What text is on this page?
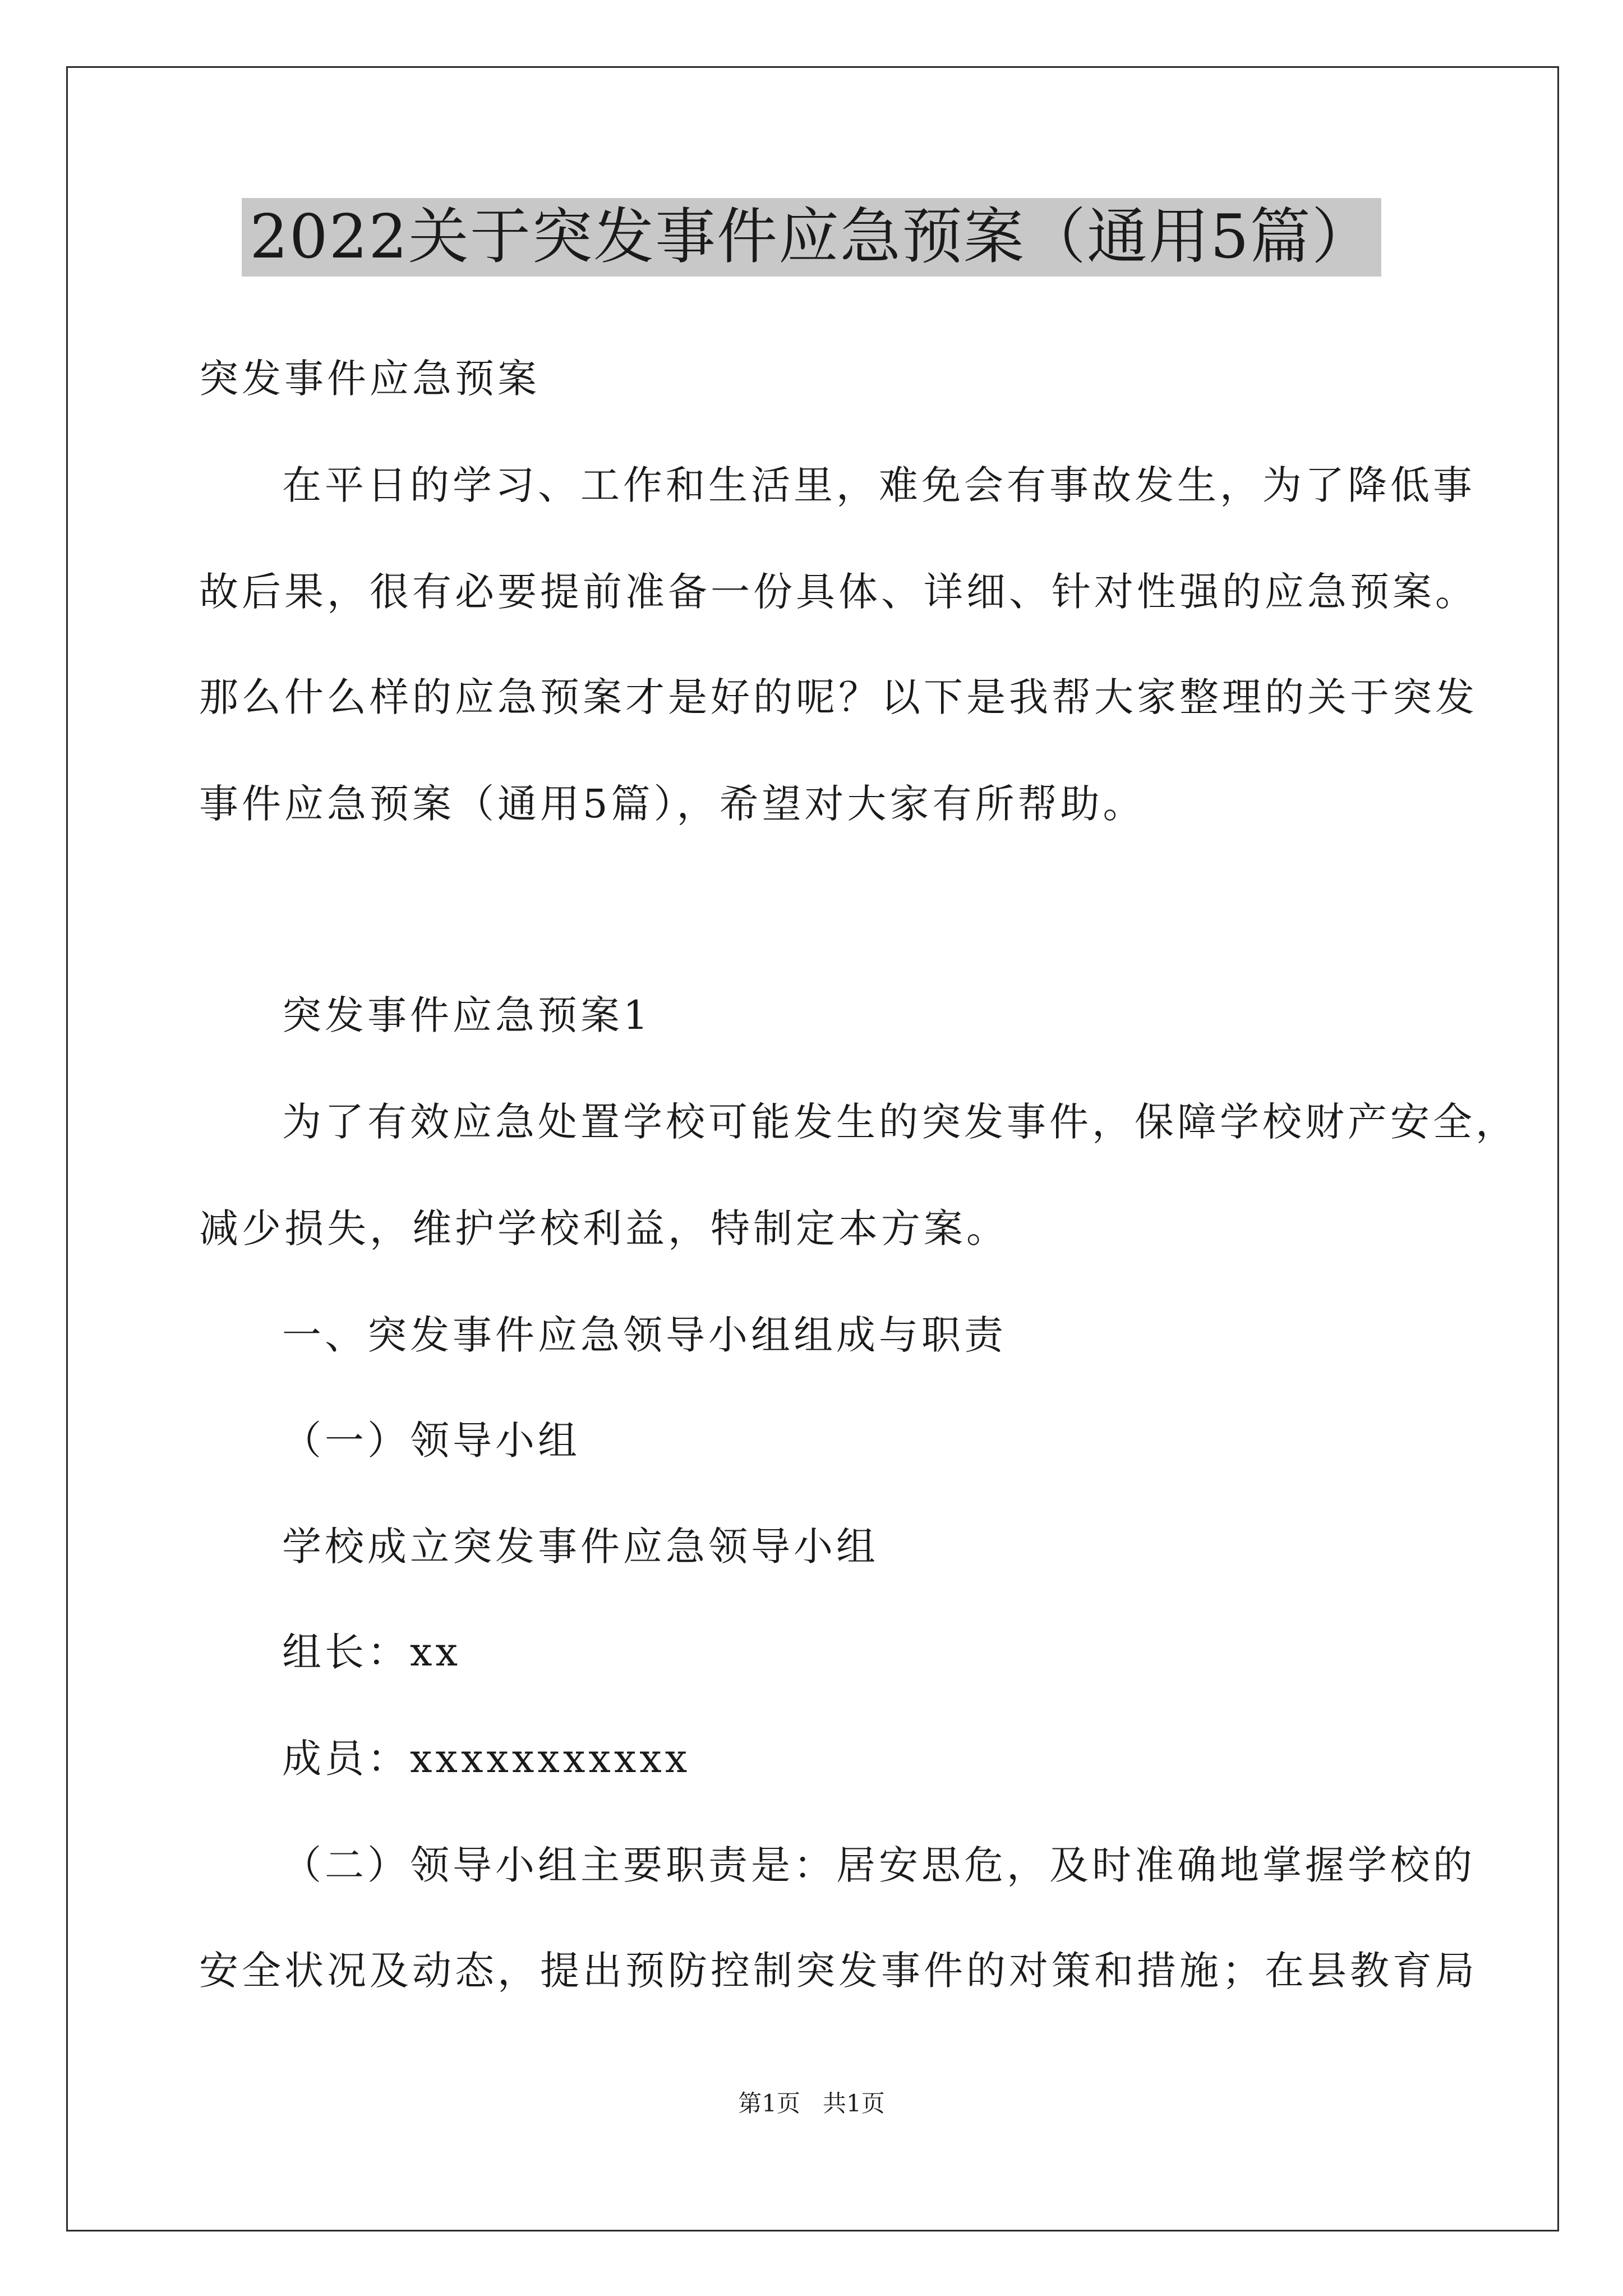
2022关于突发事件应急预案（通用5篇）
突发事件应急预案
在平日的学习、工作和生活里，难免会有事故发生，为了降低事
故后果，很有必要提前准备一份具体、详细、针对性强的应急预案。
那么什么样的应急预案才是好的呢？以下是我帮大家整理的关于突发
事件应急预案（通用5篇），希望对大家有所帮助。
突发事件应急预案1
为了有效应急处置学校可能发生的突发事件，保障学校财产安全，
减少损失，维护学校利益，特制定本方案。
一、突发事件应急领导小组组成与职责
（一）领导小组
学校成立突发事件应急领导小组
组长：xx
成员：xxxxxxxxxxx
（二）领导小组主要职责是：居安思危，及时准确地掌握学校的
安全状况及动态，提出预防控制突发事件的对策和措施；在县教育局
第1页   共1页
